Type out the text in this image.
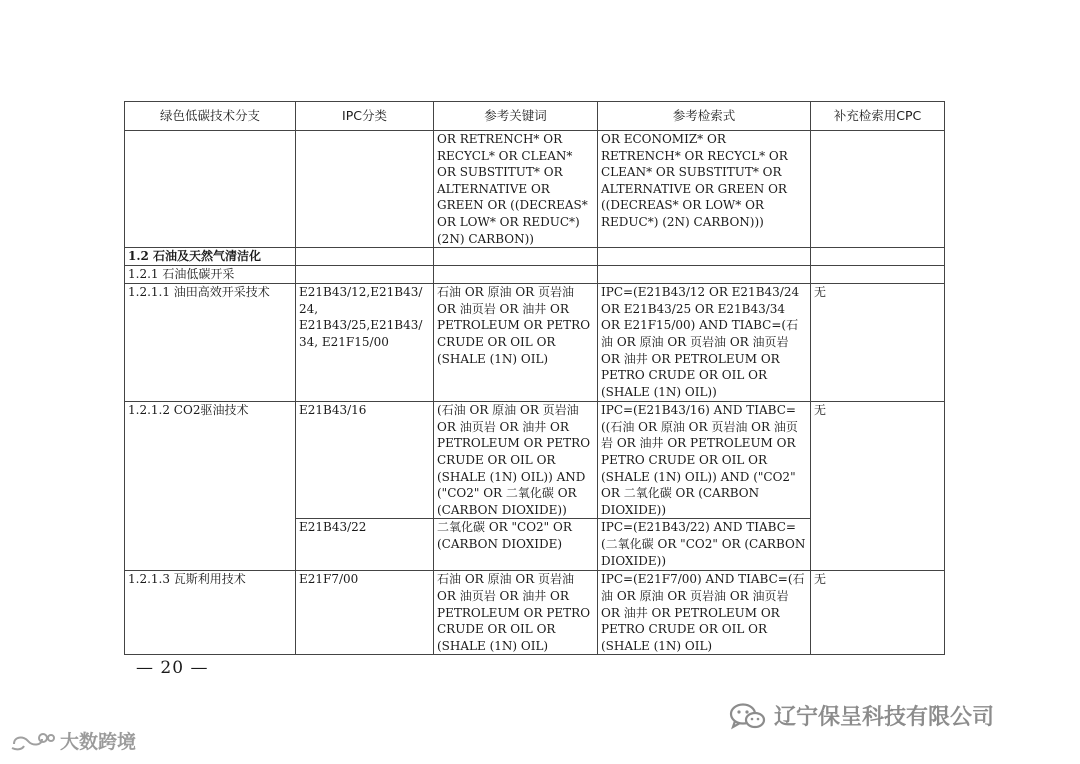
绿色低碳技术分支	IPC分类	参考关键词	参考检索式	补充检索用CPC
		OR RETRENCH* OR RECYCL* OR CLEAN* OR SUBSTITUT* OR ALTERNATIVE OR GREEN OR ((DECREAS* OR LOW* OR REDUC*) (2N) CARBON))	OR ECONOMIZ* OR RETRENCH* OR RECYCL* OR CLEAN* OR SUBSTITUT* OR ALTERNATIVE OR GREEN OR ((DECREAS* OR LOW* OR REDUC*) (2N) CARBON)))	
1.2 石油及天然气清洁化				
1.2.1 石油低碳开采				
1.2.1.1 油田高效开采技术	E21B43/12,E21B43/24, E21B43/25,E21B43/34, E21F15/00	石油 OR 原油 OR 页岩油 OR 油页岩 OR 油井 OR PETROLEUM OR PETRO CRUDE OR OIL OR (SHALE (1N) OIL)	IPC=(E21B43/12 OR E21B43/24 OR E21B43/25 OR E21B43/34 OR E21F15/00) AND TIABC=(石油 OR 原油 OR 页岩油 OR 油页岩 OR 油井 OR PETROLEUM OR PETRO CRUDE OR OIL OR (SHALE (1N) OIL))	无
1.2.1.2 CO2驱油技术	E21B43/16	(石油 OR 原油 OR 页岩油 OR 油页岩 OR 油井 OR PETROLEUM OR PETRO CRUDE OR OIL OR (SHALE (1N) OIL)) AND ("CO2" OR 二氧化碳 OR (CARBON DIOXIDE))	IPC=(E21B43/16) AND TIABC=((石油 OR 原油 OR 页岩油 OR 油页岩 OR 油井 OR PETROLEUM OR PETRO CRUDE OR OIL OR (SHALE (1N) OIL)) AND ("CO2" OR 二氧化碳 OR (CARBON DIOXIDE))	无
	E21B43/22	二氧化碳 OR "CO2" OR (CARBON DIOXIDE)	IPC=(E21B43/22) AND TIABC=(二氧化碳 OR "CO2" OR (CARBON DIOXIDE))	
1.2.1.3 瓦斯利用技术	E21F7/00	石油 OR 原油 OR 页岩油 OR 油页岩 OR 油井 OR PETROLEUM OR PETRO CRUDE OR OIL OR (SHALE (1N) OIL)	IPC=(E21F7/00) AND TIABC=(石油 OR 原油 OR 页岩油 OR 油页岩 OR 油井 OR PETROLEUM OR PETRO CRUDE OR OIL OR (SHALE (1N) OIL)	无
— 20 —
大数跨境
辽宁保呈科技有限公司
